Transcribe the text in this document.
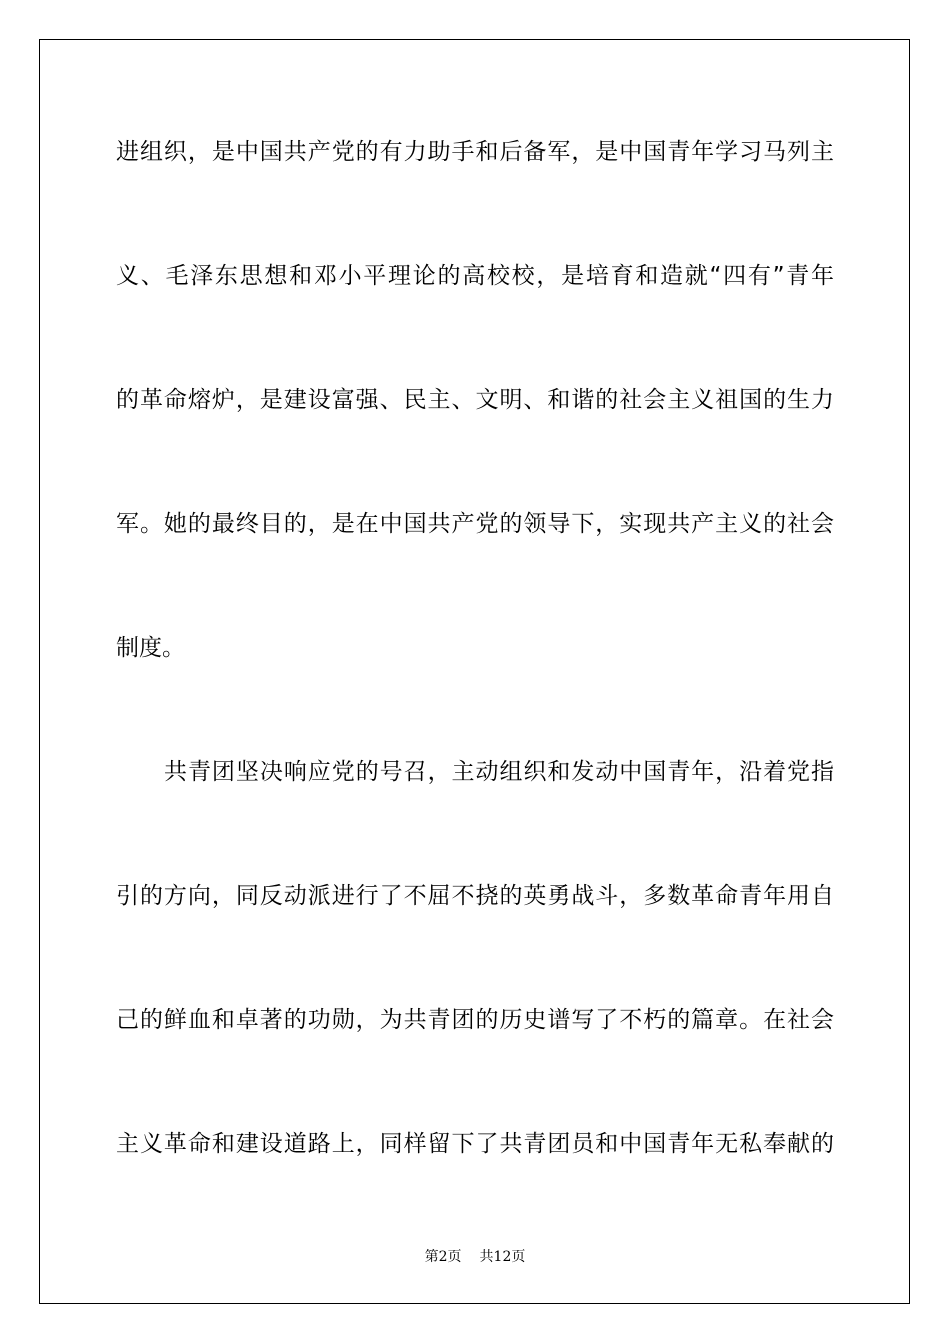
进组织，是中国共产党的有力助手和后备军，是中国青年学习马列主
义、毛泽东思想和邓小平理论的高校校，是培育和造就“四有”青年
的革命熔炉，是建设富强、民主、文明、和谐的社会主义祖国的生力
军。她的最终目的，是在中国共产党的领导下，实现共产主义的社会
制度。
共青团坚决响应党的号召，主动组织和发动中国青年，沿着党指
引的方向，同反动派进行了不屈不挠的英勇战斗，多数革命青年用自
己的鲜血和卓著的功勋，为共青团的历史谱写了不朽的篇章。在社会
主义革命和建设道路上，同样留下了共青团员和中国青年无私奉献的
第2页 共12页
